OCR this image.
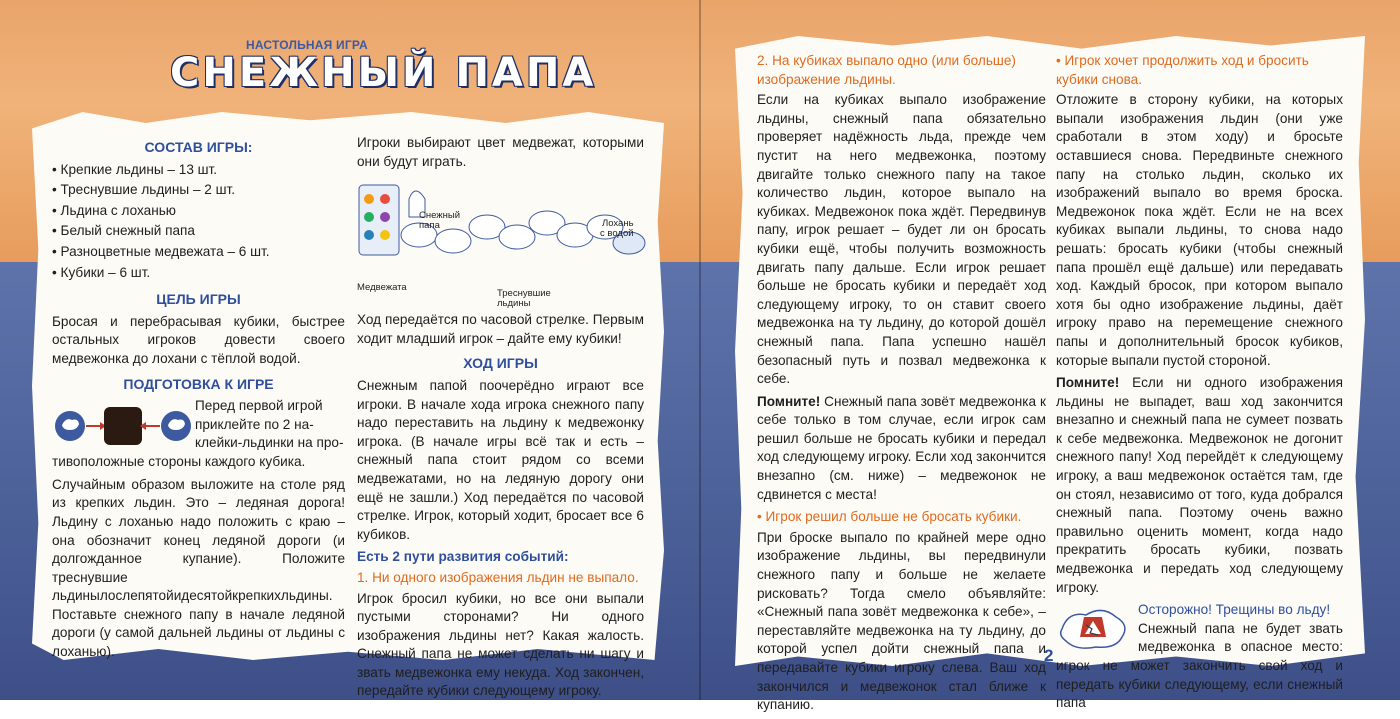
НАСТОЛЬНАЯ ИГРА
СНЕЖНЫЙ ПАПА
СОСТАВ ИГРЫ:
• Крепкие льдины – 13 шт.
• Треснувшие льдины – 2 шт.
• Льдина с лоханью
• Белый снежный папа
• Разноцветные медвежата – 6 шт.
• Кубики – 6 шт.
ЦЕЛЬ ИГРЫ

Бросая и перебрасывая кубики, быстрее остальных игроков довести своего медвежонка до лохани с тёплой водой.

ПОДГОТОВКА К ИГРЕ
Перед первой игрой
приклейте по 2 на-
клейки-льдинки на про-

тивоположные стороны каждого кубика.

Случайным образом выложите на столе ряд из крепких льдин. Это – ледяная дорога! Льдину с лоханью надо положить с краю – она обозначит конец ледяной дороги (и долгожданное купание). Положите треснувшие льдинылослепятойидесятойкрепкихльдины. Поставьте снежного папу в начале ледяной дороги (у самой дальней льдины от льдины с лоханью).

Игроки выбирают цвет медвежат, которыми они будут играть.

Снежный
папа	Лохань
с водой
Медвежата
Треснувшие
льдины

Ход передаётся по часовой стрелке. Первым ходит младший игрок – дайте ему кубики!

ХОД ИГРЫ

Снежным папой поочерёдно играют все игроки. В начале хода игрока снежного папу надо переставить на льдину к медвежонку игрока. (В начале игры всё так и есть – снежный папа стоит рядом со всеми медвежатами, но на ледяную дорогу они ещё не зашли.) Ход передаётся по часовой стрелке. Игрок, который ходит, бросает все 6 кубиков.

Есть 2 пути развития событий:
1. Ни одного изображения льдин не выпало.

Игрок бросил кубики, но все они выпали пустыми сторонами? Ни одного изображения льдины нет? Какая жалость. Снежный папа не может сделать ни шагу и звать медвежонка ему некуда. Ход закончен, передайте кубики следующему игроку.

2. На кубиках выпало одно (или больше) изображение льдины.

Если на кубиках выпало изображение льдины, снежный папа обязательно проверяет надёжность льда, прежде чем пустит на него медвежонка, поэтому двигайте только снежного папу на такое количество льдин, которое выпало на кубиках. Медвежонок пока ждёт. Передвинув папу, игрок решает – будет ли он бросать кубики ещё, чтобы получить возможность двигать папу дальше. Если игрок решает больше не бросать кубики и передаёт ход следующему игроку, то он ставит своего медвежонка на ту льдину, до которой дошёл снежный папа. Папа успешно нашёл безопасный путь и позвал медвежонка к себе.

Помните! Снежный папа зовёт медвежонка к себе только в том случае, если игрок сам решил больше не бросать кубики и передал ход следующему игроку. Если ход закончится внезапно (см. ниже) – медвежонок не сдвинется с места!

• Игрок решил больше не бросать кубики.

При броске выпало по крайней мере одно изображение льдины, вы передвинули снежного папу и больше не желаете рисковать? Тогда смело объявляйте: «Снежный папа зовёт медвежонка к себе», – переставляйте медвежонка на ту льдину, до которой успел дойти снежный папа и передавайте кубики игроку слева. Ваш ход закончился и медвежонок стал ближе к купанию.

• Игрок хочет продолжить ход и бросить кубики снова.

Отложите в сторону кубики, на которых выпали изображения льдин (они уже сработали в этом ходу) и бросьте оставшиеся снова. Передвиньте снежного папу на столько льдин, сколько их изображений выпало во время броска. Медвежонок пока ждёт. Если не на всех кубиках выпали льдины, то снова надо решать: бросать кубики (чтобы снежный папа прошёл ещё дальше) или передавать ход. Каждый бросок, при котором выпало хотя бы одно изображение льдины, даёт игроку право на перемещение снежного папы и дополнительный бросок кубиков, которые выпали пустой стороной.

Помните! Если ни одного изображения льдины не выпадет, ваш ход закончится внезапно и снежный папа не сумеет позвать к себе медвежонка. Медвежонок не догонит снежного папу! Ход перейдёт к следующему игроку, а ваш медвежонок остаётся там, где он стоял, независимо от того, куда добрался снежный папа. Поэтому очень важно правильно оценить момент, когда надо прекратить бросать кубики, позвать медвежонка и передать ход следующему игроку.

Осторожно! Трещины во льду!

Снежный папа не будет звать медвежонка в опасное место: игрок не может закончить свой ход и передать кубики следующему, если снежный папа

2
